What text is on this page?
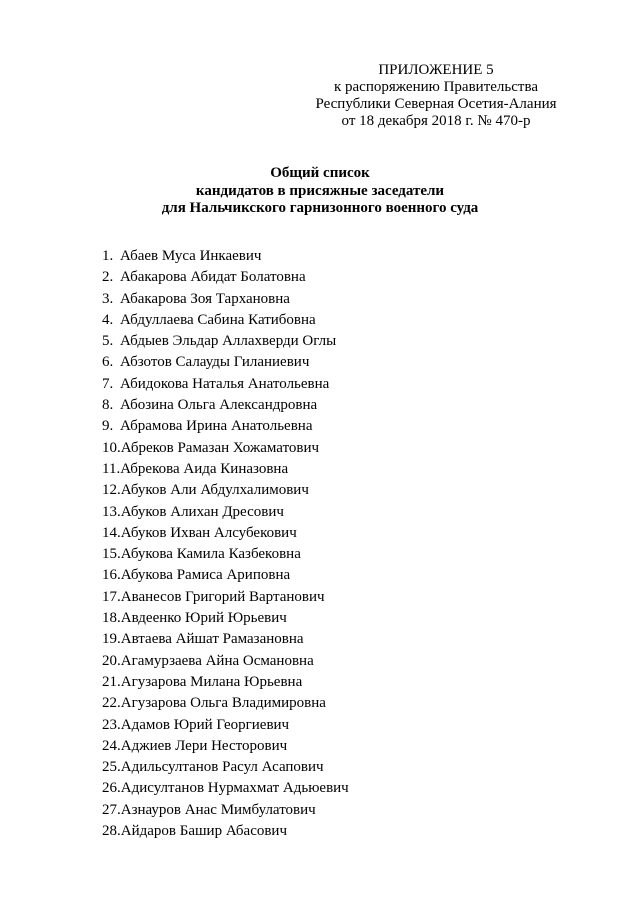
ПРИЛОЖЕНИЕ 5
к распоряжению Правительства
Республики Северная Осетия-Алания
от 18 декабря 2018 г. № 470-р
Общий список
кандидатов в присяжные заседатели
для Нальчикского гарнизонного военного суда
1. Абаев Муса Инкаевич
2. Абакарова Абидат Болатовна
3. Абакарова Зоя Тархановна
4. Абдуллаева Сабина Катибовна
5. Абдыев Эльдар Аллахверди Оглы
6. Абзотов Салауды Гиланиевич
7. Абидокова Наталья Анатольевна
8. Абозина Ольга Александровна
9. Абрамова Ирина Анатольевна
10.Абреков Рамазан Хожаматович
11.Абрекова Аида Киназовна
12.Абуков Али Абдулхалимович
13.Абуков Алихан Дресович
14.Абуков Ихван Алсубекович
15.Абукова Камила Казбековна
16.Абукова Рамиса Ариповна
17.Аванесов Григорий Вартанович
18.Авдеенко Юрий Юрьевич
19.Автаева Айшат Рамазановна
20.Агамурзаева Айна Османовна
21.Агузарова Милана Юрьевна
22.Агузарова Ольга Владимировна
23.Адамов Юрий Георгиевич
24.Аджиев Лери Несторович
25.Адильсултанов Расул Асапович
26.Адисултанов Нурмахмат Адьюевич
27.Азнауров Анас Мимбулатович
28.Айдаров Башир Абасович
